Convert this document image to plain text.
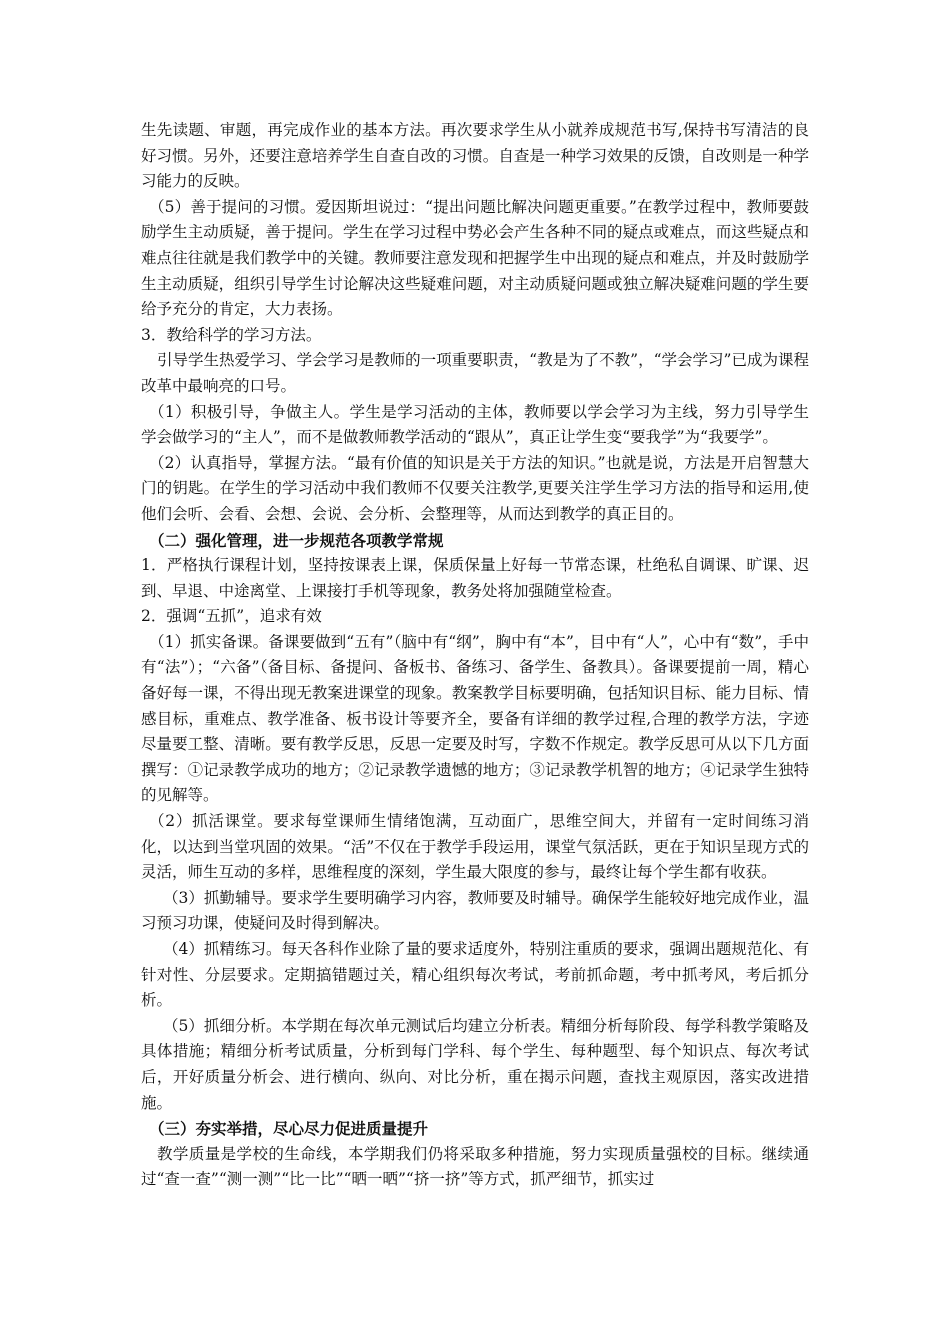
生先读题、审题，再完成作业的基本方法。再次要求学生从小就养成规范书写,保持书写清洁的良好习惯。另外，还要注意培养学生自查自改的习惯。自查是一种学习效果的反馈，自改则是一种学习能力的反映。

（5）善于提问的习惯。爱因斯坦说过：“提出问题比解决问题更重要。”在教学过程中，教师要鼓励学生主动质疑，善于提问。学生在学习过程中势必会产生各种不同的疑点或难点，而这些疑点和难点往往就是我们教学中的关键。教师要注意发现和把握学生中出现的疑点和难点，并及时鼓励学生主动质疑，组织引导学生讨论解决这些疑难问题，对主动质疑问题或独立解决疑难问题的学生要给予充分的肯定，大力表扬。

3．教给科学的学习方法。

引导学生热爱学习、学会学习是教师的一项重要职责，“教是为了不教”，“学会学习”已成为课程改革中最响亮的口号。

（1）积极引导，争做主人。学生是学习活动的主体，教师要以学会学习为主线，努力引导学生学会做学习的“主人”，而不是做教师教学活动的“跟从”，真正让学生变“要我学”为“我要学”。

（2）认真指导，掌握方法。“最有价值的知识是关于方法的知识。”也就是说，方法是开启智慧大门的钥匙。在学生的学习活动中我们教师不仅要关注教学,更要关注学生学习方法的指导和运用,使他们会听、会看、会想、会说、会分析、会整理等，从而达到教学的真正目的。

（二）强化管理，进一步规范各项教学常规

1．严格执行课程计划，坚持按课表上课，保质保量上好每一节常态课，杜绝私自调课、旷课、迟到、早退、中途离堂、上课接打手机等现象，教务处将加强随堂检查。

2．强调“五抓”，追求有效

（1）抓实备课。备课要做到“五有”（脑中有“纲”，胸中有“本”，目中有“人”，心中有“数”，手中有“法”）；“六备”（备目标、备提问、备板书、备练习、备学生、备教具）。备课要提前一周，精心备好每一课，不得出现无教案进课堂的现象。教案教学目标要明确，包括知识目标、能力目标、情感目标，重难点、教学准备、板书设计等要齐全，要备有详细的教学过程,合理的教学方法，字迹尽量要工整、清晰。要有教学反思，反思一定要及时写，字数不作规定。教学反思可从以下几方面撰写：①记录教学成功的地方；②记录教学遗憾的地方；③记录教学机智的地方；④记录学生独特的见解等。

（2）抓活课堂。要求每堂课师生情绪饱满，互动面广，思维空间大，并留有一定时间练习消化，以达到当堂巩固的效果。“活”不仅在于教学手段运用，课堂气氛活跃，更在于知识呈现方式的灵活，师生互动的多样，思维程度的深刻，学生最大限度的参与，最终让每个学生都有收获。

（3）抓勤辅导。要求学生要明确学习内容，教师要及时辅导。确保学生能较好地完成作业，温习预习功课，使疑问及时得到解决。

（4）抓精练习。每天各科作业除了量的要求适度外，特别注重质的要求，强调出题规范化、有针对性、分层要求。定期搞错题过关，精心组织每次考试，考前抓命题，考中抓考风，考后抓分析。

（5）抓细分析。本学期在每次单元测试后均建立分析表。精细分析每阶段、每学科教学策略及具体措施；精细分析考试质量，分析到每门学科、每个学生、每种题型、每个知识点、每次考试后，开好质量分析会、进行横向、纵向、对比分析，重在揭示问题，查找主观原因，落实改进措施。

（三）夯实举措，尽心尽力促进质量提升

教学质量是学校的生命线，本学期我们仍将采取多种措施，努力实现质量强校的目标。继续通过“查一查”“测一测”“比一比”“晒一晒”“挤一挤”等方式，抓严细节，抓实过
